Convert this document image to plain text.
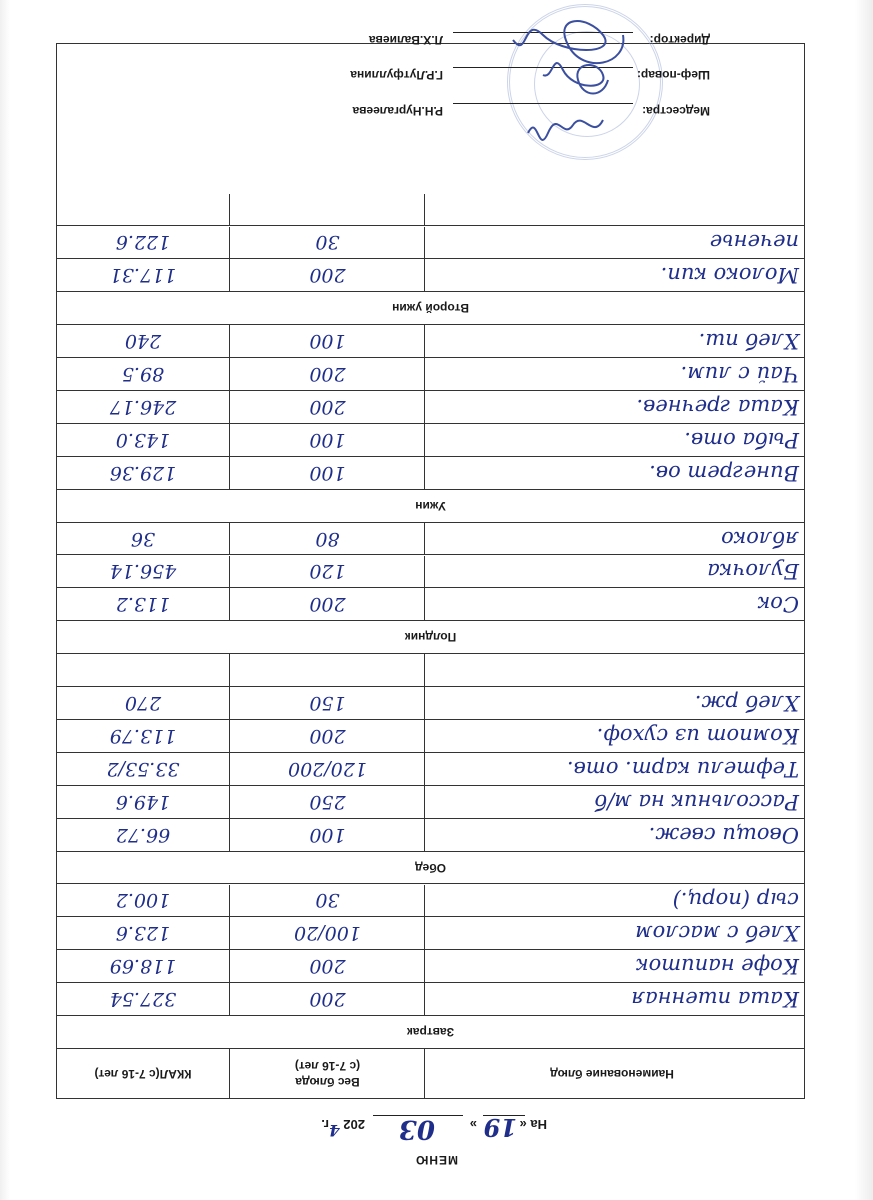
МЕНЮ
На «
19
»
03
202
4
г.
Наименование блюд
Вес блюда
(с 7-16 лет)
ККАЛ(с 7-16 лет)
Завтрак
Каша пшенная
200
327.54
Кофе напиток
200
118.69
Хлеб с маслом
100/20
123.6
сыр (порц.)
30
100.2
Обед
Овощи свеж.
100
66.72
Рассольник на м/б
250
149.6
Тефтели карт. отв.
120/200
33.53/2
Компот из сухоф.
200
113.79
Хлеб рж.
150
270
Полдник
Сок
200
113.2
Булочка
120
456.14
яблоко
80
36
Ужин
Винегрет ов.
100
129.36
Рыба отв.
100
143.0
Каша гречнев.
200
246.17
Чай с лим.
200
89.5
Хлеб пш.
100
240
Второй ужин
Молоко кип.
200
117.31
печенье
30
122.6
Медсестра:
Р.Н.Нургалеева
Шеф-повар:
Г.Р.Лутфуллина
Директор:
Л.Х.Валиева
